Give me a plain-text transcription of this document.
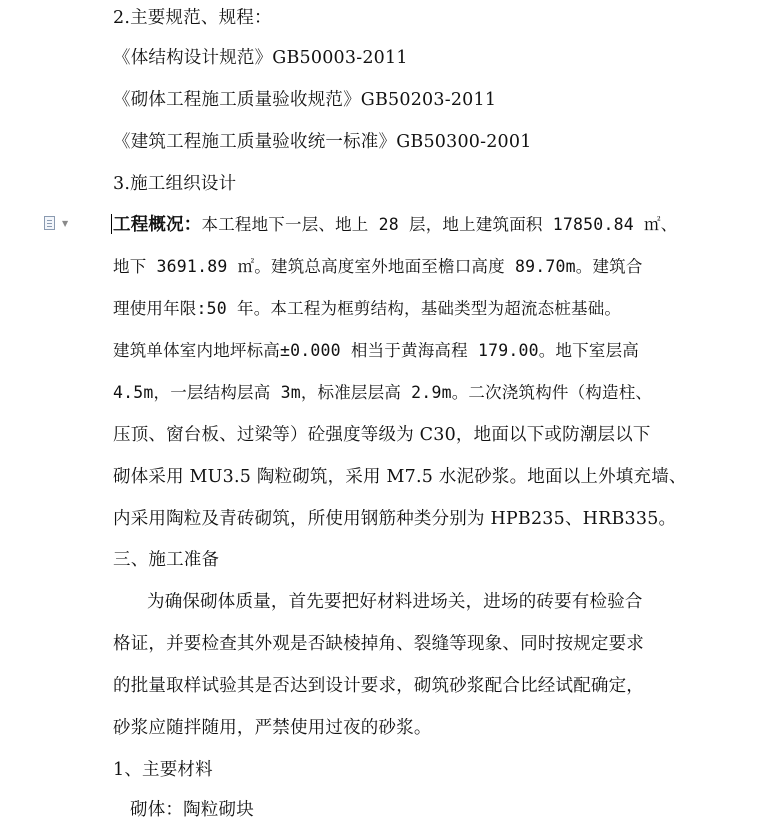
2.主要规范、规程：
《体结构设计规范》GB50003-2011
《砌体工程施工质量验收规范》GB50203-2011
《建筑工程施工质量验收统一标准》GB50300-2001
3.施工组织设计
▼	工程概况：本工程地下一层、地上 28 层，地上建筑面积 17850.84 ㎡、
地下 3691.89 ㎡。建筑总高度室外地面至檐口高度 89.70m。建筑合
理使用年限:50 年。本工程为框剪结构，基础类型为超流态桩基础。
建筑单体室内地坪标高±0.000 相当于黄海高程 179.00。地下室层高
4.5m，一层结构层高 3m，标准层层高 2.9m。二次浇筑构件（构造柱、
压顶、窗台板、过梁等）砼强度等级为 C30，地面以下或防潮层以下
砌体采用 MU3.5 陶粒砌筑，采用 M7.5 水泥砂浆。地面以上外填充墙、
内采用陶粒及青砖砌筑，所使用钢筋种类分别为 HPB235、HRB335。
三、施工准备
为确保砌体质量，首先要把好材料进场关，进场的砖要有检验合
格证，并要检查其外观是否缺棱掉角、裂缝等现象、同时按规定要求
的批量取样试验其是否达到设计要求，砌筑砂浆配合比经试配确定，
砂浆应随拌随用，严禁使用过夜的砂浆。
1、主要材料
砌体：陶粒砌块
